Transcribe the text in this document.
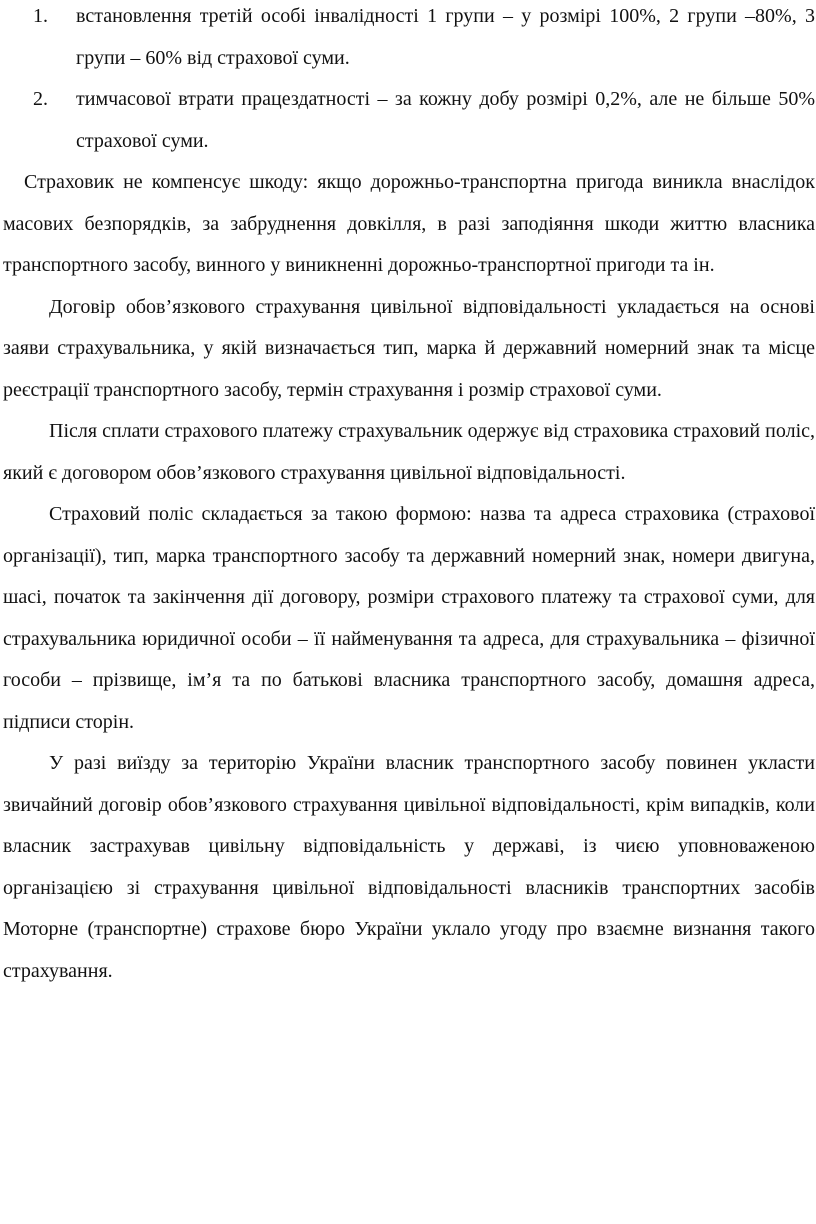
1. встановлення третій особі інвалідності 1 групи – у розмірі 100%, 2 групи –80%, 3 групи – 60% від страхової суми.
2. тимчасової втрати працездатності – за кожну добу розмірі 0,2%, але не більше 50% страхової суми.

Страховик не компенсує шкоду: якщо дорожньо-транспортна пригода виникла внаслідок масових безпорядків, за забруднення довкілля, в разі заподіяння шкоди життю власника транспортного засобу, винного у виникненні дорожньо-транспортної пригоди та ін.

Договір обов’язкового страхування цивільної відповідальності укладається на основі заяви страхувальника, у якій визначається тип, марка й державний номерний знак та місце реєстрації транспортного засобу, термін страхування і розмір страхової суми.

Після сплати страхового платежу страхувальник одержує від страховика страховий поліс, який є договором обов’язкового страхування цивільної відповідальності.

Страховий поліс складається за такою формою: назва та адреса страховика (страхової організації), тип, марка транспортного засобу та державний номерний знак, номери двигуна, шасі, початок та закінчення дії договору, розміри страхового платежу та страхової суми, для страхувальника юридичної особи – її найменування та адреса, для страхувальника – фізичної гособи – прізвище, ім’я та по батькові власника транспортного засобу, домашня адреса, підписи сторін.

У разі виїзду за територію України власник транспортного засобу повинен укласти звичайний договір обов’язкового страхування цивільної відповідальності, крім випадків, коли власник застрахував цивільну відповідальність у державі, із чиєю уповноваженою організацією зі страхування цивільної відповідальності власників транспортних засобів Моторне (транспортне) страхове бюро України уклало угоду про взаємне визнання такого страхування.
